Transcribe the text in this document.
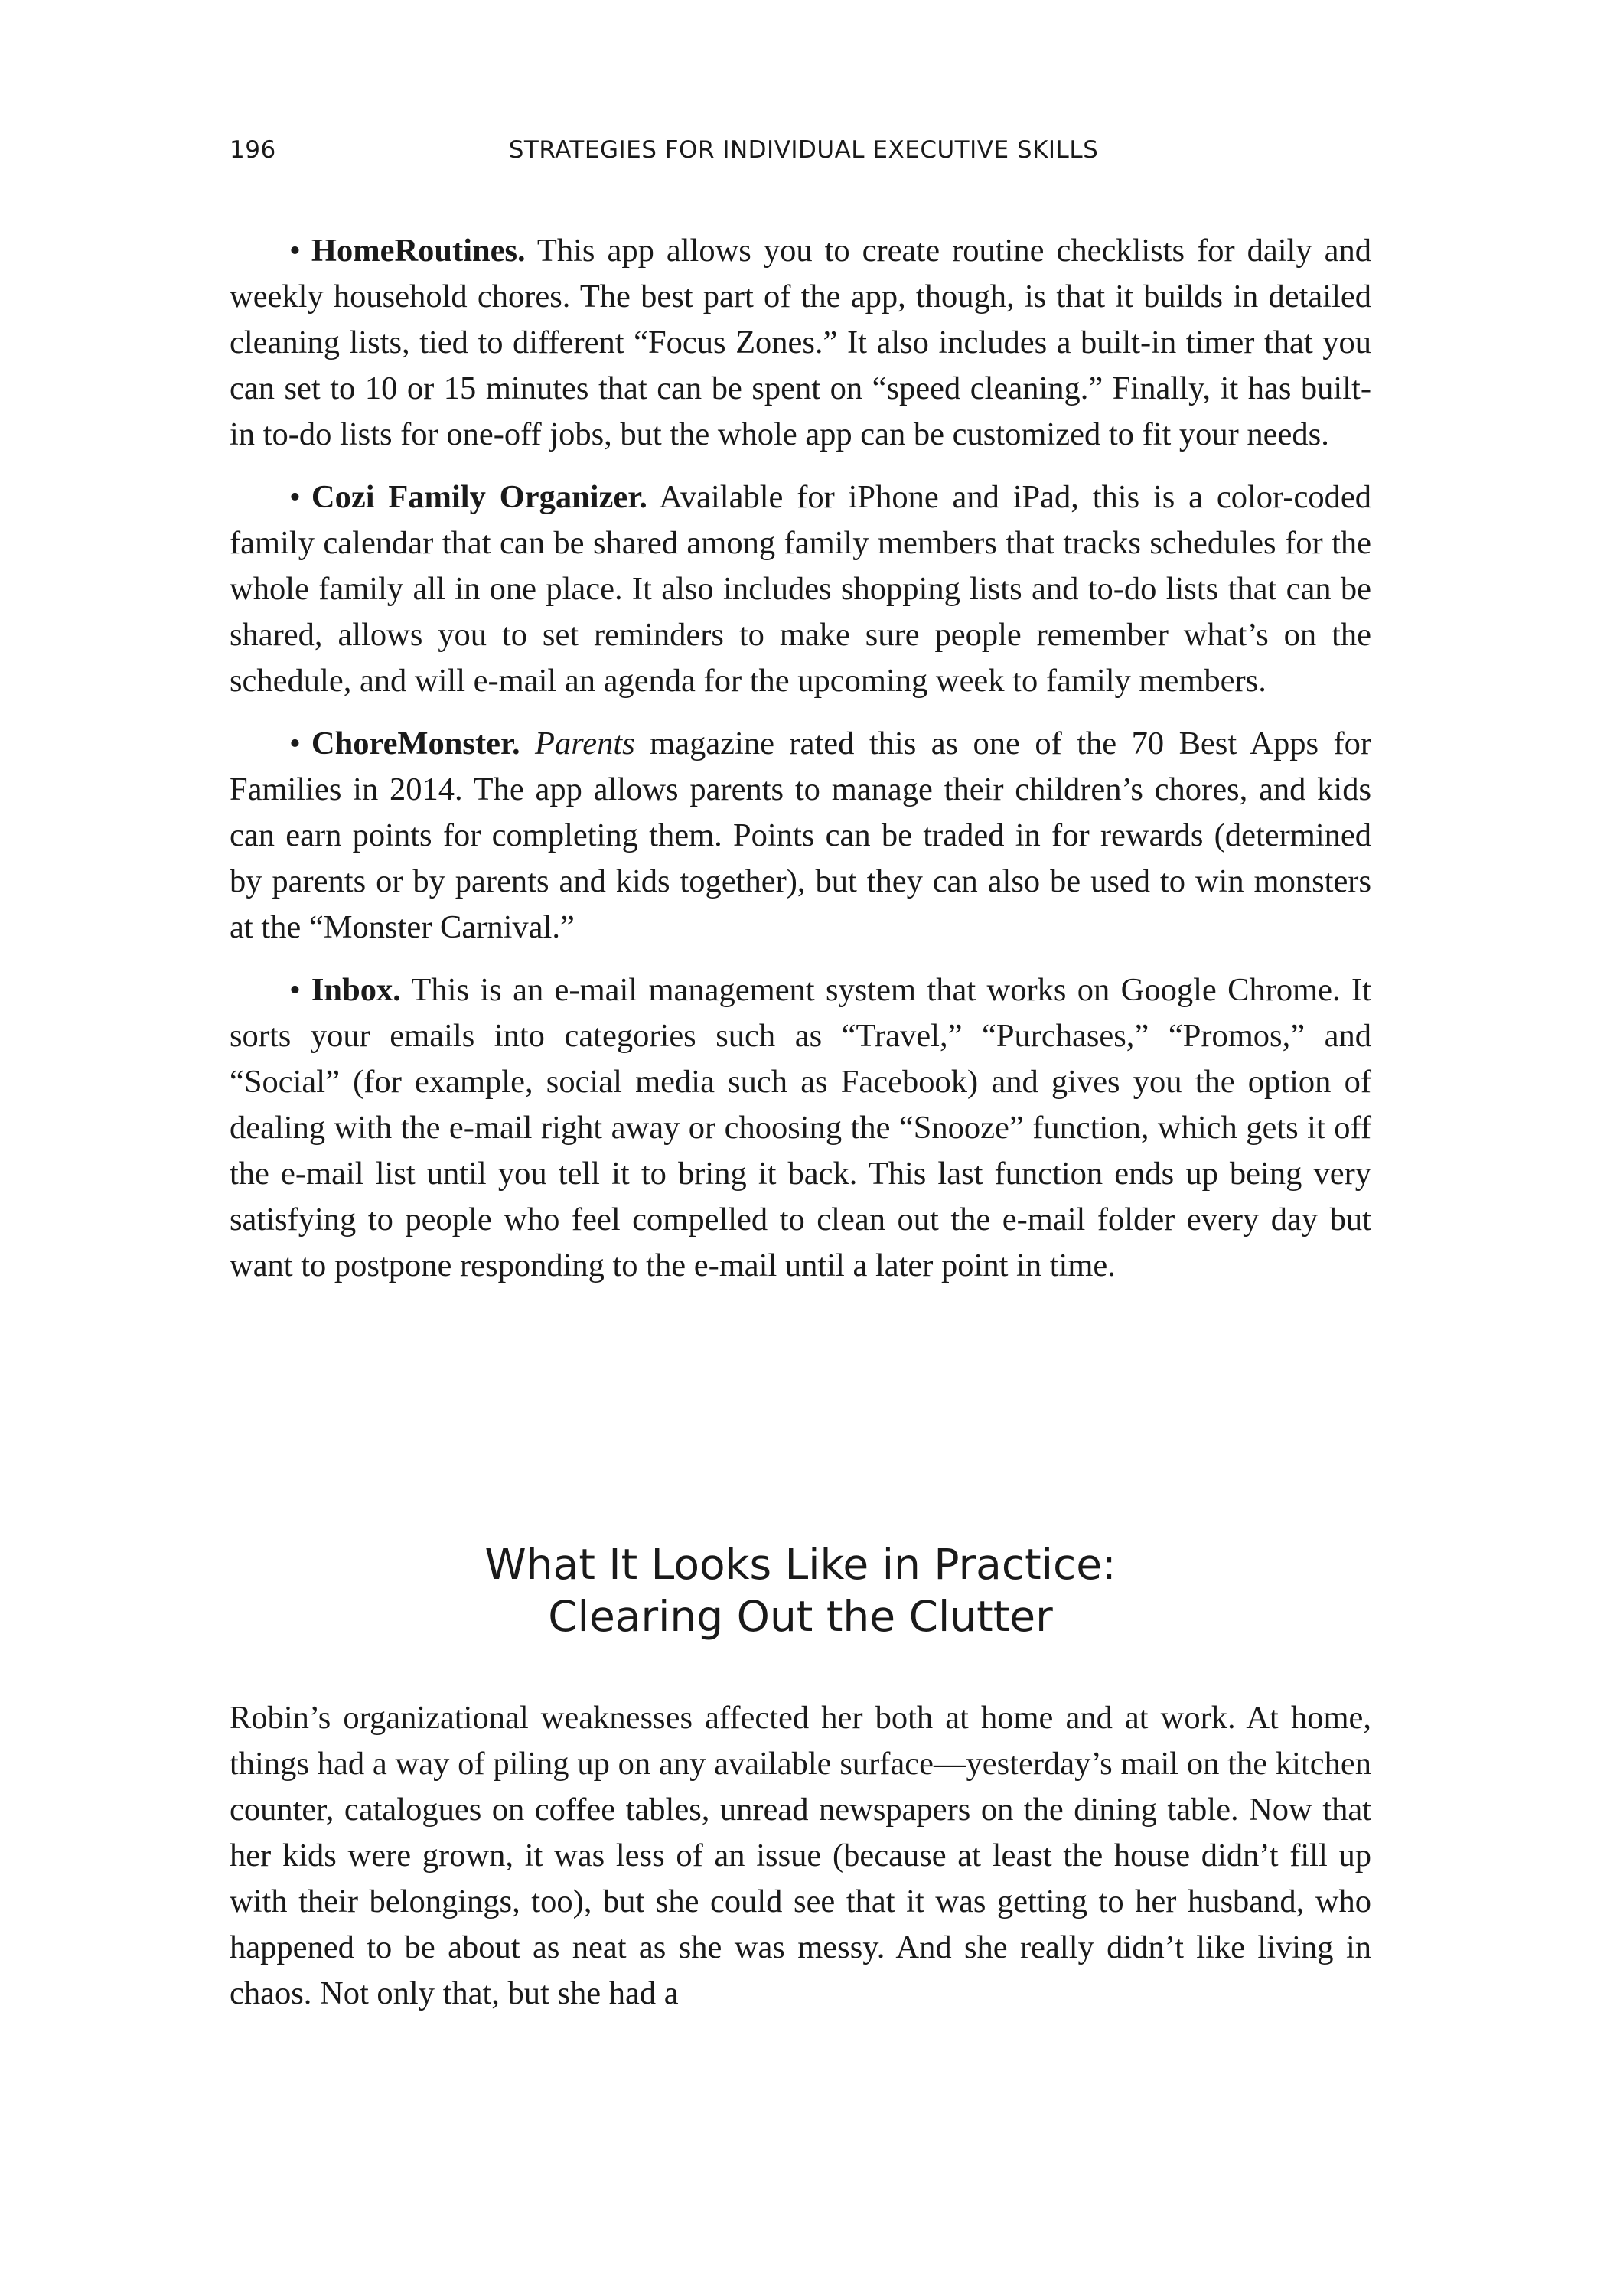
196	STRATEGIES FOR INDIVIDUAL EXECUTIVE SKILLS

• HomeRoutines. This app allows you to create routine checklists for daily and weekly household chores. The best part of the app, though, is that it builds in detailed cleaning lists, tied to different “Focus Zones.” It also includes a built-in timer that you can set to 10 or 15 minutes that can be spent on “speed cleaning.” Finally, it has built-in to-do lists for one-off jobs, but the whole app can be customized to fit your needs.

• Cozi Family Organizer. Available for iPhone and iPad, this is a color-coded family calendar that can be shared among family members that tracks schedules for the whole family all in one place. It also includes shopping lists and to-do lists that can be shared, allows you to set reminders to make sure people remember what’s on the schedule, and will e-mail an agenda for the upcoming week to family members.

• ChoreMonster. Parents magazine rated this as one of the 70 Best Apps for Families in 2014. The app allows parents to manage their children’s chores, and kids can earn points for completing them. Points can be traded in for rewards (determined by parents or by parents and kids together), but they can also be used to win monsters at the “Monster Carnival.”

• Inbox. This is an e-mail management system that works on Google Chrome. It sorts your emails into categories such as “Travel,” “Purchases,” “Promos,” and “Social” (for example, social media such as Facebook) and gives you the option of dealing with the e-mail right away or choosing the “Snooze” function, which gets it off the e-mail list until you tell it to bring it back. This last function ends up being very satisfying to people who feel compelled to clean out the e-mail folder every day but want to postpone responding to the e-mail until a later point in time.

What It Looks Like in Practice:
Clearing Out the Clutter

Robin’s organizational weaknesses affected her both at home and at work. At home, things had a way of piling up on any available surface—yesterday’s mail on the kitchen counter, catalogues on coffee tables, unread newspapers on the dining table. Now that her kids were grown, it was less of an issue (because at least the house didn’t fill up with their belongings, too), but she could see that it was getting to her husband, who happened to be about as neat as she was messy. And she really didn’t like living in chaos. Not only that, but she had a
